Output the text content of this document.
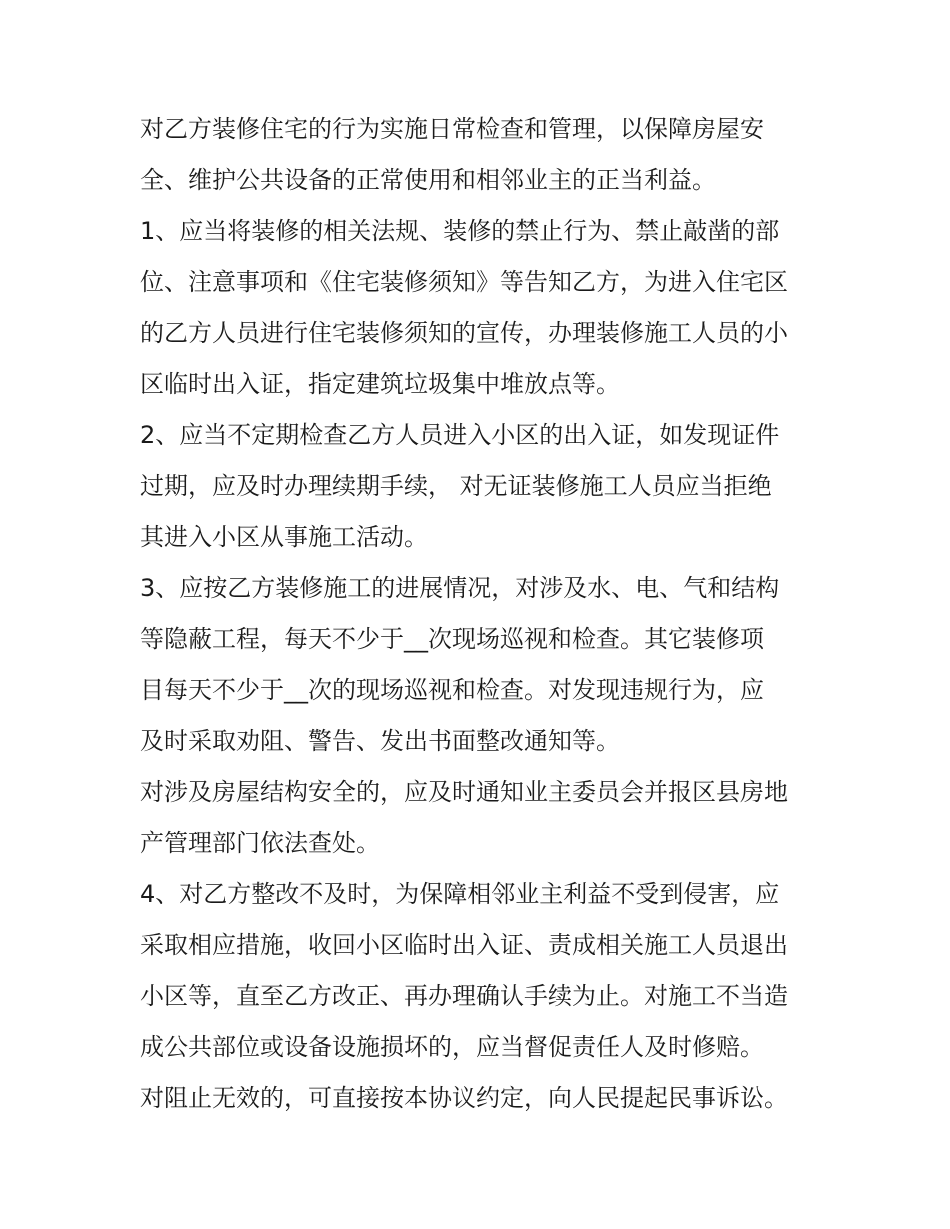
对乙方装修住宅的行为实施日常检查和管理，以保障房屋安
全、维护公共设备的正常使用和相邻业主的正当利益。
1、应当将装修的相关法规、装修的禁止行为、禁止敲凿的部
位、注意事项和《住宅装修须知》等告知乙方，为进入住宅区
的乙方人员进行住宅装修须知的宣传，办理装修施工人员的小
区临时出入证，指定建筑垃圾集中堆放点等。
2、应当不定期检查乙方人员进入小区的出入证，如发现证件
过期，应及时办理续期手续， 对无证装修施工人员应当拒绝
其进入小区从事施工活动。
3、应按乙方装修施工的进展情况，对涉及水、电、气和结构
等隐蔽工程，每天不少于__次现场巡视和检查。其它装修项
目每天不少于__次的现场巡视和检查。对发现违规行为，应
及时采取劝阻、警告、发出书面整改通知等。
对涉及房屋结构安全的，应及时通知业主委员会并报区县房地
产管理部门依法查处。
4、对乙方整改不及时，为保障相邻业主利益不受到侵害，应
采取相应措施，收回小区临时出入证、责成相关施工人员退出
小区等，直至乙方改正、再办理确认手续为止。对施工不当造
成公共部位或设备设施损坏的，应当督促责任人及时修赔。
对阻止无效的，可直接按本协议约定，向人民提起民事诉讼。
